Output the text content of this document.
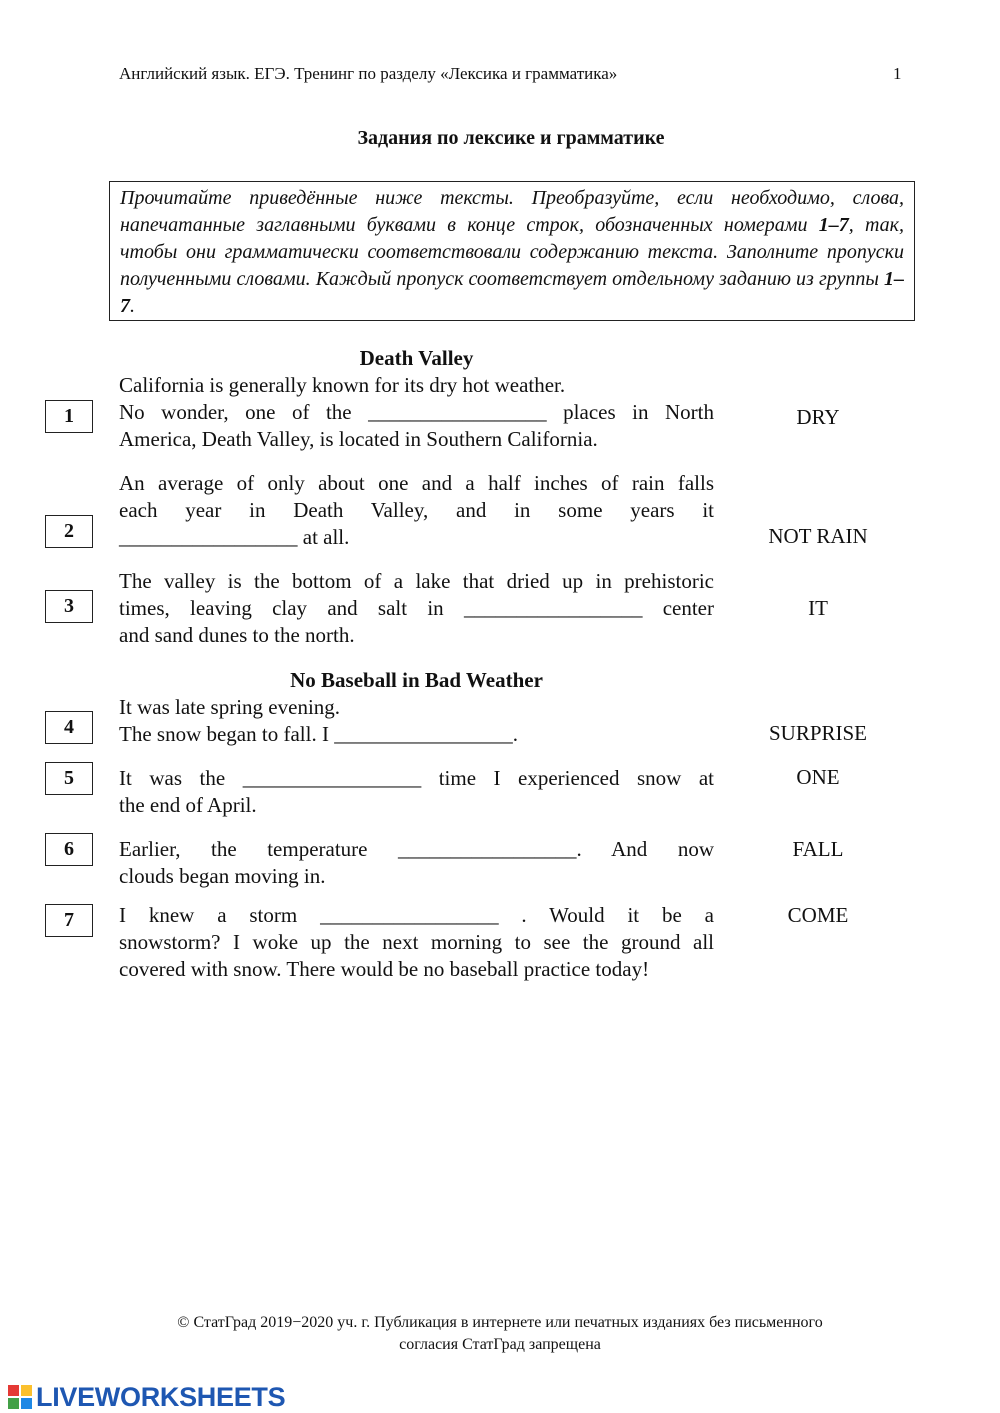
Английский язык. ЕГЭ. Тренинг по разделу «Лексика и грамматика»	1
Задания по лексике и грамматике
Прочитайте приведённые ниже тексты. Преобразуйте, если необходимо, слова, напечатанные заглавными буквами в конце строк, обозначенных номерами 1–7, так, чтобы они грамматически соответствовали содержанию текста. Заполните пропуски полученными словами. Каждый пропуск соответствует отдельному заданию из группы 1–7.
Death Valley
California is generally known for its dry hot weather.
1	No wonder, one of the _________________ places in North
America, Death Valley, is located in Southern California.
DRY
2
An average of only about one and a half inches of rain falls
each year in Death Valley, and in some years it
_________________ at all.	NOT RAIN
3
The valley is the bottom of a lake that dried up in prehistoric
times, leaving clay and salt in _________________ center
and sand dunes to the north.
IT
No Baseball in Bad Weather
It was late spring evening.
4	The snow began to fall. I _________________.	SURPRISE
5	It was the _________________ time I experienced snow at
the end of April.
ONE
6	Earlier, the temperature _________________. And now
clouds began moving in.
FALL
7	I knew a storm _________________ . Would it be a
snowstorm? I woke up the next morning to see the ground all
covered with snow. There would be no baseball practice today!
COME
© СтатГрад 2019−2020 уч. г. Публикация в интернете или печатных изданиях без письменного
согласия СтатГрад запрещена
LIVEWORKSHEETS
